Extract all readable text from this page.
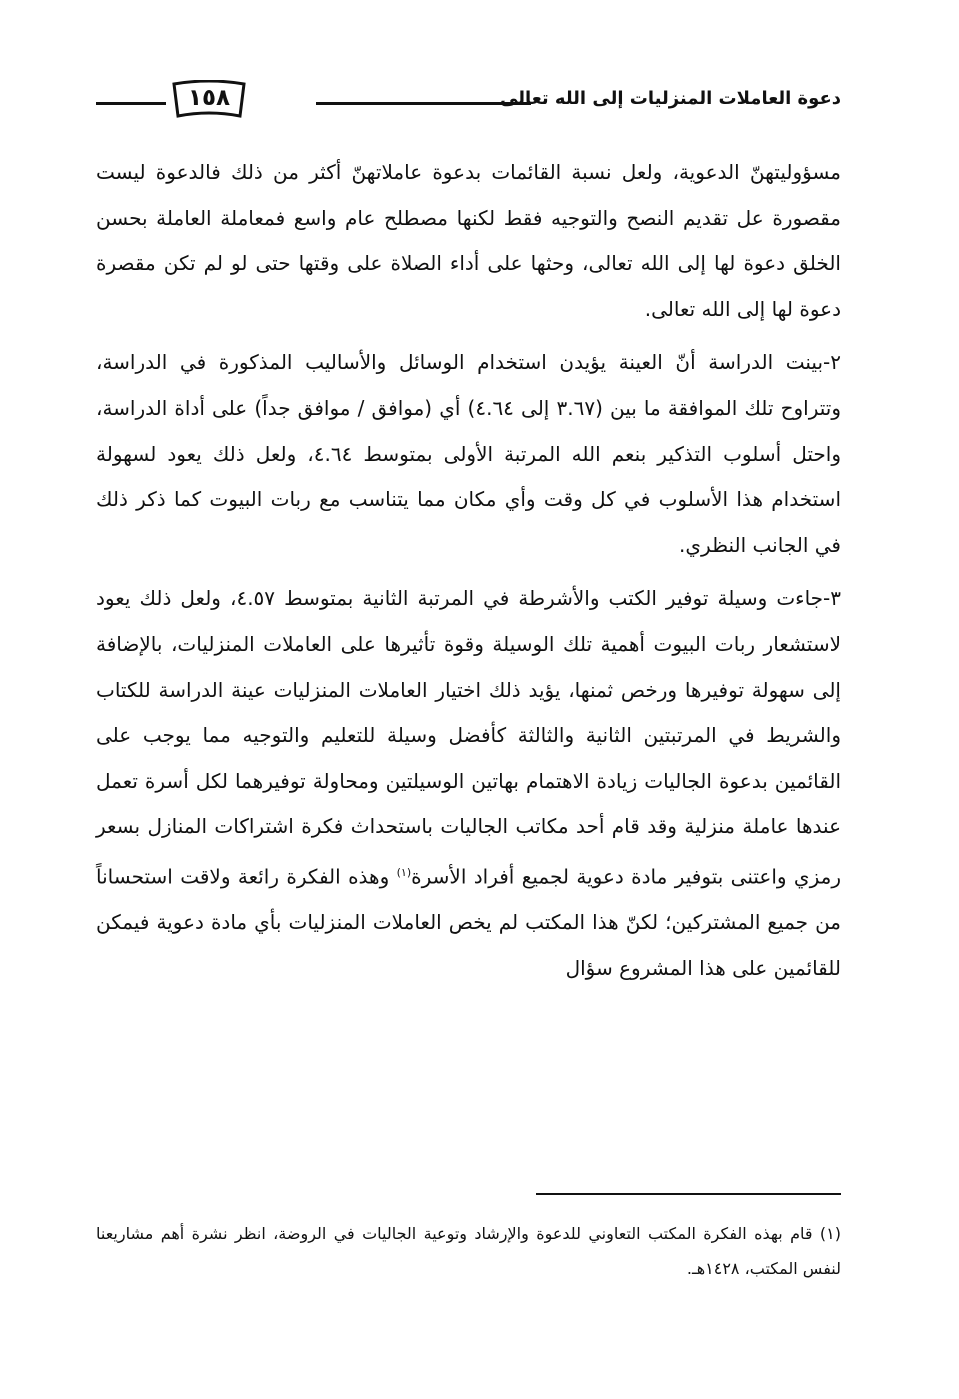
دعوة العاملات المنزليات إلى الله تعالى
١٥٨

مسؤوليتهنّ الدعوية، ولعل نسبة القائمات بدعوة عاملاتهنّ أكثر من ذلك فالدعوة ليست مقصورة عل تقديم النصح والتوجيه فقط لكنها مصطلح عام واسع فمعاملة العاملة بحسن الخلق دعوة لها إلى الله تعالى، وحثها على أداء الصلاة على وقتها حتى لو لم تكن مقصرة دعوة لها إلى الله تعالى.

٢-بينت الدراسة أنّ العينة يؤيدن استخدام الوسائل والأساليب المذكورة في الدراسة، وتتراوح تلك الموافقة ما بين (٣.٦٧ إلى ٤.٦٤) أي (موافق / موافق جداً) على أداة الدراسة، واحتل أسلوب التذكير بنعم الله المرتبة الأولى بمتوسط ٤.٦٤، ولعل ذلك يعود لسهولة استخدام هذا الأسلوب في كل وقت وأي مكان مما يتناسب مع ربات البيوت كما ذكر ذلك في الجانب النظري.

٣-جاءت وسيلة توفير الكتب والأشرطة في المرتبة الثانية بمتوسط ٤.٥٧، ولعل ذلك يعود لاستشعار ربات البيوت أهمية تلك الوسيلة وقوة تأثيرها على العاملات المنزليات، بالإضافة إلى سهولة توفيرها ورخص ثمنها، يؤيد ذلك اختيار العاملات المنزليات عينة الدراسة للكتاب والشريط في المرتبتين الثانية والثالثة كأفضل وسيلة للتعليم والتوجيه مما يوجب على القائمين بدعوة الجاليات زيادة الاهتمام بهاتين الوسيلتين ومحاولة توفيرهما لكل أسرة تعمل عندها عاملة منزلية وقد قام أحد مكاتب الجاليات باستحداث فكرة اشتراكات المنازل بسعر رمزي واعتنى بتوفير مادة دعوية لجميع أفراد الأسرة$^{(١)}$ وهذه الفكرة رائعة ولاقت استحساناً من جميع المشتركين؛ لكنّ هذا المكتب لم يخص العاملات المنزليات بأي مادة دعوية فيمكن للقائمين على هذا المشروع سؤال

(١) قام بهذه الفكرة المكتب التعاوني للدعوة والإرشاد وتوعية الجاليات في الروضة، انظر نشرة أهم مشاريعنا لنفس المكتب، ١٤٢٨هـ.
